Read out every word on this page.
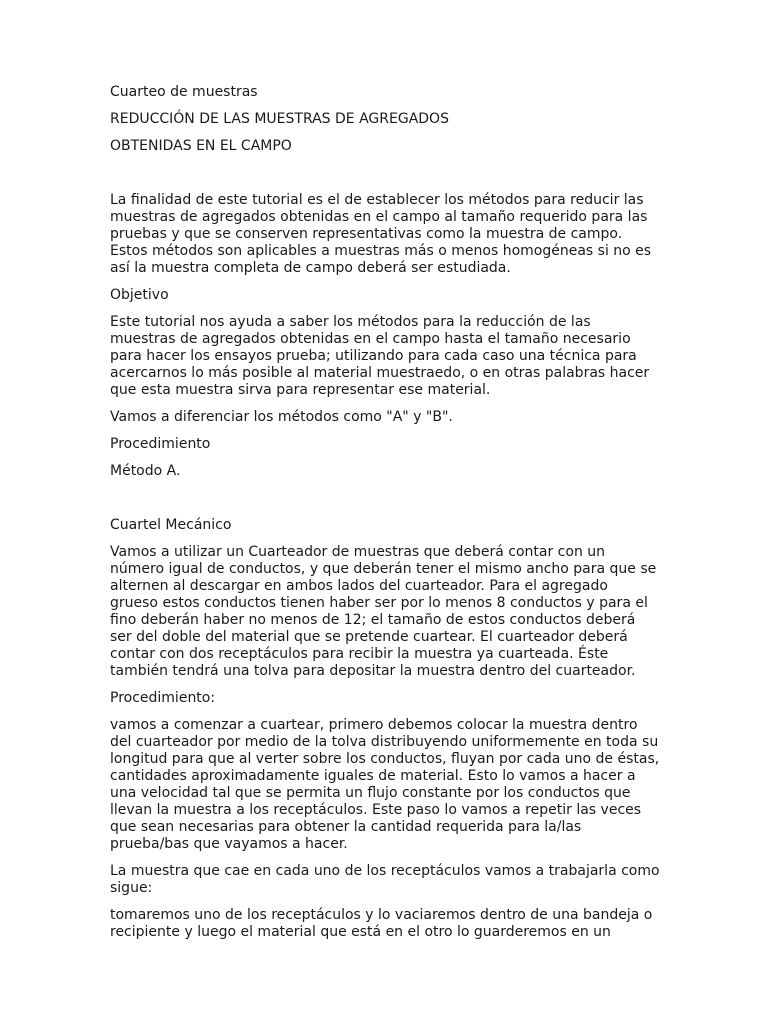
Cuarteo de muestras

REDUCCIÓN DE LAS MUESTRAS DE AGREGADOS

OBTENIDAS EN EL CAMPO

La finalidad de este tutorial es el de establecer los métodos para reducir las muestras de agregados obtenidas en el campo al tamaño requerido para las pruebas y que se conserven representativas como la muestra de campo. Estos métodos son aplicables a muestras más o menos homogéneas si no es así la muestra completa de campo deberá ser estudiada.

Objetivo

Este tutorial nos ayuda a saber los métodos para la reducción de las muestras de agregados obtenidas en el campo hasta el tamaño necesario para hacer los ensayos prueba; utilizando para cada caso una técnica para acercarnos lo más posible al material muestraedo, o en otras palabras hacer que esta muestra sirva para representar ese material.

Vamos a diferenciar los métodos como "A" y "B".

Procedimiento

Método A.

Cuartel Mecánico

Vamos a utilizar un Cuarteador de muestras que deberá contar con un número igual de conductos, y que deberán tener el mismo ancho para que se alternen al descargar en ambos lados del cuarteador. Para el agregado grueso estos conductos tienen haber ser por lo menos 8 conductos y para el fino deberán haber no menos de 12; el tamaño de estos conductos deberá ser del doble del material que se pretende cuartear. El cuarteador deberá contar con dos receptáculos para recibir la muestra ya cuarteada. Éste también tendrá una tolva para depositar la muestra dentro del cuarteador.

Procedimiento:

vamos a comenzar a cuartear, primero debemos colocar la muestra dentro del cuarteador por medio de la tolva distribuyendo uniformemente en toda su longitud para que al verter sobre los conductos, fluyan por cada uno de éstas, cantidades aproximadamente iguales de material. Esto lo vamos a hacer a una velocidad tal que se permita un flujo constante por los conductos que llevan la muestra a los receptáculos. Este paso lo vamos a repetir las veces que sean necesarias para obtener la cantidad requerida para la/las prueba/bas que vayamos a hacer.

La muestra que cae en cada uno de los receptáculos vamos a trabajarla como sigue:

tomaremos uno de los receptáculos y lo vaciaremos dentro de una bandeja o recipiente y luego el material que está en el otro lo guarderemos en un
